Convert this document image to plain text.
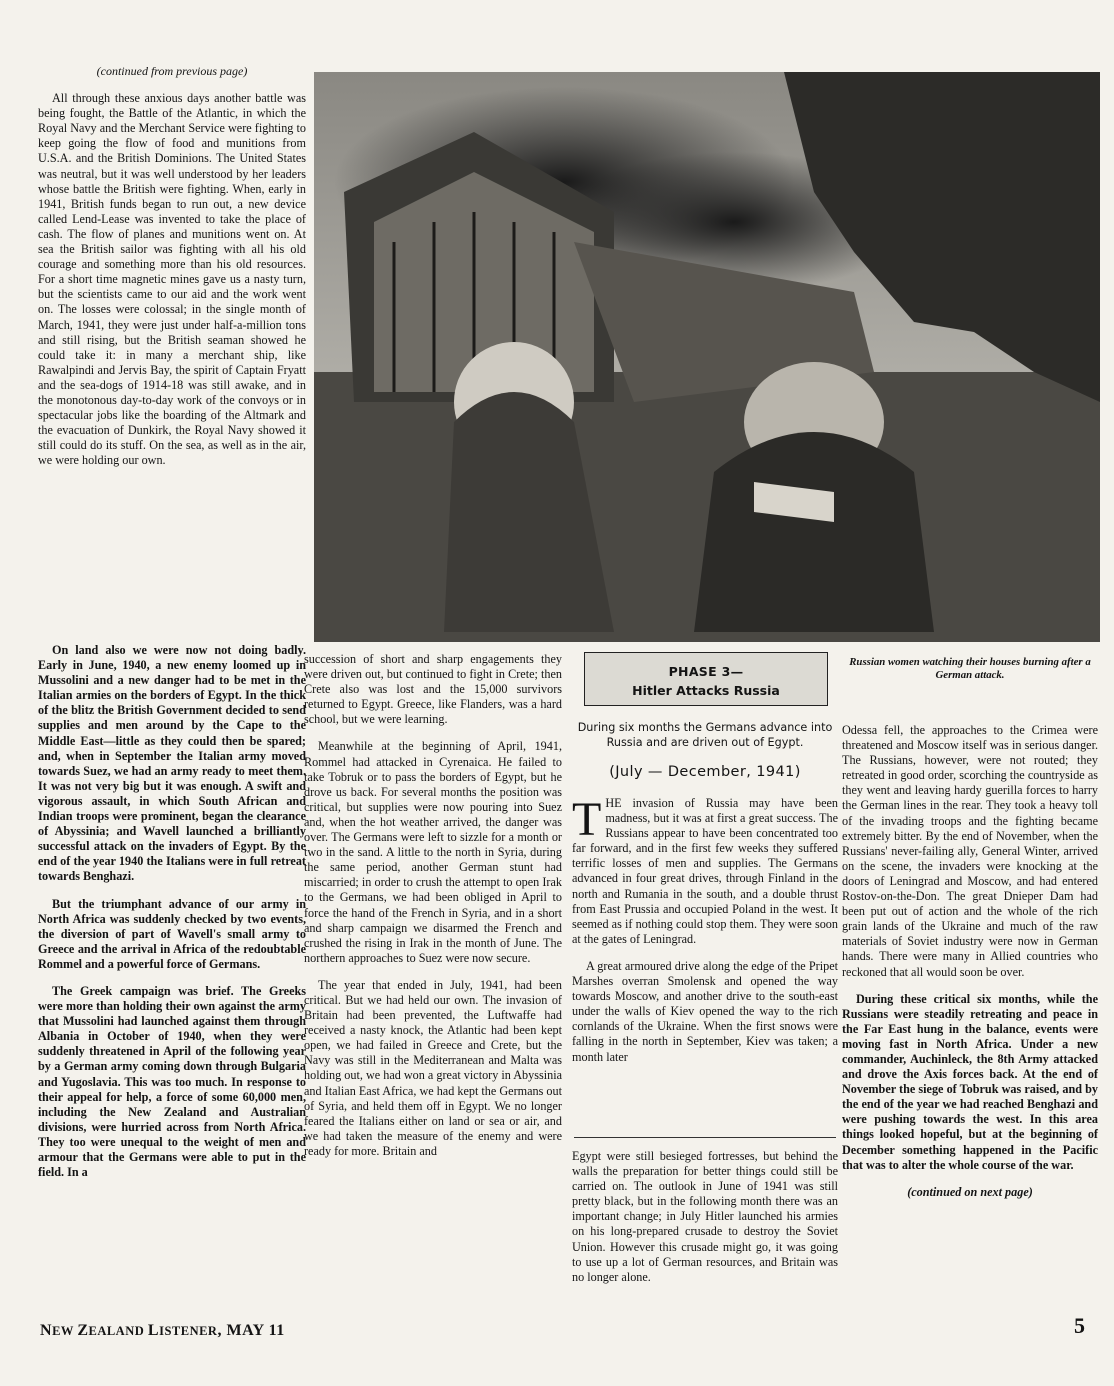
(continued from previous page)

All through these anxious days another battle was being fought, the Battle of the Atlantic, in which the Royal Navy and the Merchant Service were fighting to keep going the flow of food and munitions from U.S.A. and the British Dominions. The United States was neutral, but it was well understood by her leaders whose battle the British were fighting. When, early in 1941, British funds began to run out, a new device called Lend-Lease was invented to take the place of cash. The flow of planes and munitions went on. At sea the British sailor was fighting with all his old courage and something more than his old resources. For a short time magnetic mines gave us a nasty turn, but the scientists came to our aid and the work went on. The losses were colossal; in the single month of March, 1941, they were just under half-a-million tons and still rising, but the British seaman showed he could take it: in many a merchant ship, like Rawalpindi and Jervis Bay, the spirit of Captain Fryatt and the sea-dogs of 1914-18 was still awake, and in the monotonous day-to-day work of the convoys or in spectacular jobs like the boarding of the Altmark and the evacuation of Dunkirk, the Royal Navy showed it still could do its stuff. On the sea, as well as in the air, we were holding our own.

On land also we were now not doing badly. Early in June, 1940, a new enemy loomed up in Mussolini and a new danger had to be met in the Italian armies on the borders of Egypt. In the thick of the blitz the British Government decided to send supplies and men around by the Cape to the Middle East—little as they could then be spared; and, when in September the Italian army moved towards Suez, we had an army ready to meet them. It was not very big but it was enough. A swift and vigorous assault, in which South African and Indian troops were prominent, began the clearance of Abyssinia; and Wavell launched a brilliantly successful attack on the invaders of Egypt. By the end of the year 1940 the Italians were in full retreat towards Benghazi.

But the triumphant advance of our army in North Africa was suddenly checked by two events, the diversion of part of Wavell's small army to Greece and the arrival in Africa of the redoubtable Rommel and a powerful force of Germans.

The Greek campaign was brief. The Greeks were more than holding their own against the army that Mussolini had launched against them through Albania in October of 1940, when they were suddenly threatened in April of the following year by a German army coming down through Bulgaria and Yugoslavia. This was too much. In response to their appeal for help, a force of some 60,000 men, including the New Zealand and Australian divisions, were hurried across from North Africa. They too were unequal to the weight of men and armour that the Germans were able to put in the field. In a

Russian women watching their houses burning after a German attack.

succession of short and sharp engagements they were driven out, but continued to fight in Crete; then Crete also was lost and the 15,000 survivors returned to Egypt. Greece, like Flanders, was a hard school, but we were learning.

Meanwhile at the beginning of April, 1941, Rommel had attacked in Cyrenaica. He failed to take Tobruk or to pass the borders of Egypt, but he drove us back. For several months the position was critical, but supplies were now pouring into Suez and, when the hot weather arrived, the danger was over. The Germans were left to sizzle for a month or two in the sand. A little to the north in Syria, during the same period, another German stunt had miscarried; in order to crush the attempt to open Irak to the Germans, we had been obliged in April to force the hand of the French in Syria, and in a short and sharp campaign we disarmed the French and crushed the rising in Irak in the month of June. The northern approaches to Suez were now secure.

The year that ended in July, 1941, had been critical. But we had held our own. The invasion of Britain had been prevented, the Luftwaffe had received a nasty knock, the Atlantic had been kept open, we had failed in Greece and Crete, but the Navy was still in the Mediterranean and Malta was holding out, we had won a great victory in Abyssinia and Italian East Africa, we had kept the Germans out of Syria, and held them off in Egypt. We no longer feared the Italians either on land or sea or air, and we had taken the measure of the enemy and were ready for more. Britain and

PHASE 3—
Hitler Attacks Russia
During six months the Germans advance into Russia and are driven out of Egypt.
(July — December, 1941)

THE invasion of Russia may have been madness, but it was at first a great success. The Russians appear to have been concentrated too far forward, and in the first few weeks they suffered terrific losses of men and supplies. The Germans advanced in four great drives, through Finland in the north and Rumania in the south, and a double thrust from East Prussia and occupied Poland in the west. It seemed as if nothing could stop them. They were soon at the gates of Leningrad.

A great armoured drive along the edge of the Pripet Marshes overran Smolensk and opened the way towards Moscow, and another drive to the south-east under the walls of Kiev opened the way to the rich cornlands of the Ukraine. When the first snows were falling in the north in September, Kiev was taken; a month later

Egypt were still besieged fortresses, but behind the walls the preparation for better things could still be carried on. The outlook in June of 1941 was still pretty black, but in the following month there was an important change; in July Hitler launched his armies on his long-prepared crusade to destroy the Soviet Union. However this crusade might go, it was going to use up a lot of German resources, and Britain was no longer alone.

Odessa fell, the approaches to the Crimea were threatened and Moscow itself was in serious danger. The Russians, however, were not routed; they retreated in good order, scorching the countryside as they went and leaving hardy guerilla forces to harry the German lines in the rear. They took a heavy toll of the invading troops and the fighting became extremely bitter. By the end of November, when the Russians' never-failing ally, General Winter, arrived on the scene, the invaders were knocking at the doors of Leningrad and Moscow, and had entered Rostov-on-the-Don. The great Dnieper Dam had been put out of action and the whole of the rich grain lands of the Ukraine and much of the raw materials of Soviet industry were now in German hands. There were many in Allied countries who reckoned that all would soon be over.

During these critical six months, while the Russians were steadily retreating and peace in the Far East hung in the balance, events were moving fast in North Africa. Under a new commander, Auchinleck, the 8th Army attacked and drove the Axis forces back. At the end of November the siege of Tobruk was raised, and by the end of the year we had reached Benghazi and were pushing towards the west. In this area things looked hopeful, but at the beginning of December something happened in the Pacific that was to alter the whole course of the war.

(continued on next page)

NEW ZEALAND LISTENER, MAY 11	5
